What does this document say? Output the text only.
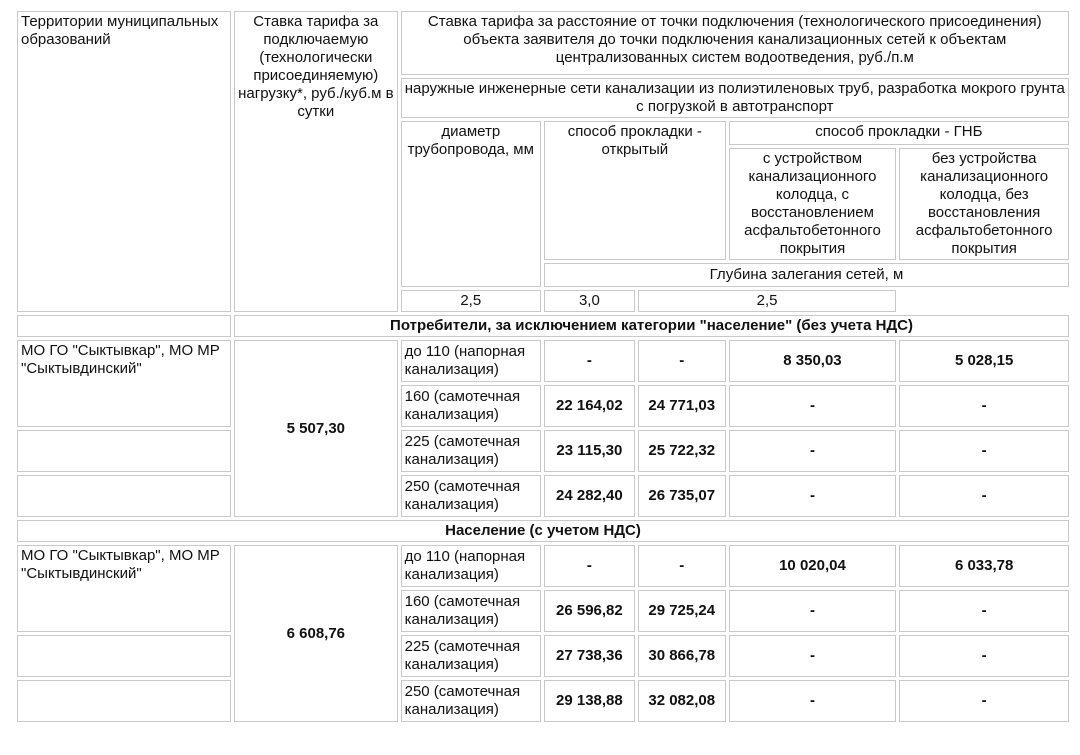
Территории муниципальных образований	Ставка тарифа за подключаемую (технологически присоединяемую) нагрузку*, руб./куб.м в сутки	Ставка тарифа за расстояние от точки подключения (технологического присоединения) объекта заявителя до точки подключения канализационных сетей к объектам централизованных систем водоотведения, руб./п.м				
		наружные инженерные сети канализации из полиэтиленовых труб, разработка мокрого грунта с погрузкой в автотранспорт				
		диаметр трубопровода, мм	способ прокладки - открытый		способ прокладки - ГНБ	
					с устройством канализационного колодца, с восстановлением асфальтобетонного покрытия	без устройства канализационного колодца, без восстановления асфальтобетонного покрытия
			Глубина залегания сетей, м			
		2,5	3,0	2,5		
	Потребители, за исключением категории "население" (без учета НДС)					
МО ГО "Сыктывкар", МО МР "Сыктывдинский"	5 507,30	до 110 (напорная канализация)	-	-	8 350,03	5 028,15
		160 (самотечная канализация)	22 164,02	24 771,03	-	-
		225 (самотечная канализация)	23 115,30	25 722,32	-	-
		250 (самотечная канализация)	24 282,40	26 735,07	-	-
Население (с учетом НДС)						
МО ГО "Сыктывкар", МО МР "Сыктывдинский"	6 608,76	до 110 (напорная канализация)	-	-	10 020,04	6 033,78
		160 (самотечная канализация)	26 596,82	29 725,24	-	-
		225 (самотечная канализация)	27 738,36	30 866,78	-	-
		250 (самотечная канализация)	29 138,88	32 082,08	-	-
